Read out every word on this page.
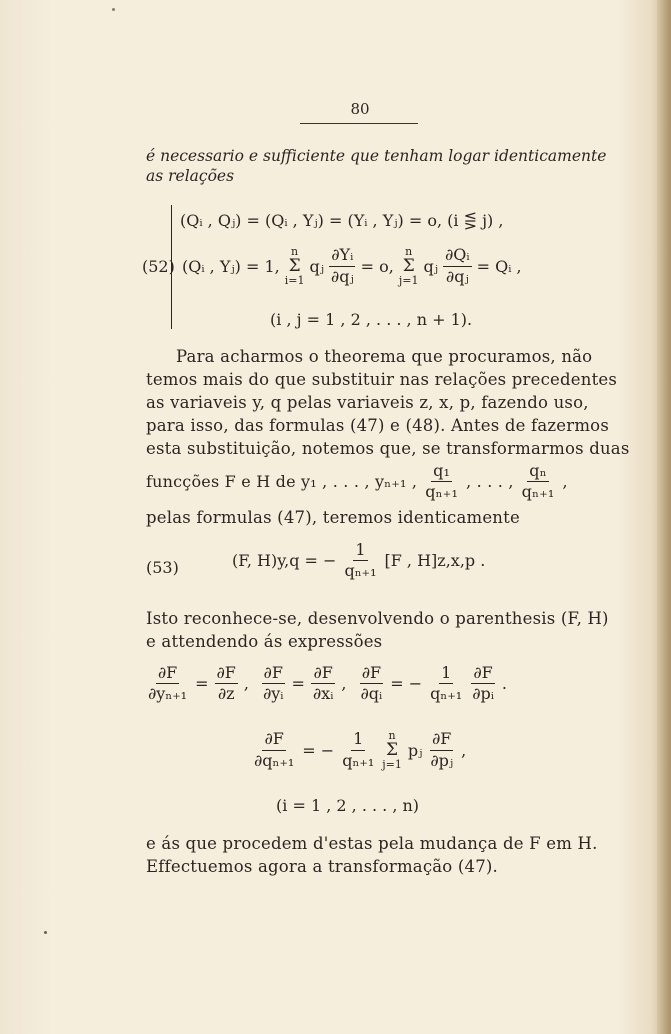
80
é necessario e sufficiente que tenham logar identicamente
as relações
(52)
(Qᵢ , Qⱼ) = (Qᵢ , Yⱼ) = (Yᵢ , Yⱼ) = o, (i ⋚ j) ,
(Qᵢ , Yⱼ) = 1,
n
Σ
i=1
qⱼ $\frac{\text{∂Yᵢ}}{\text{∂qⱼ}} = o$,
n
Σ
j=1
qⱼ $\frac{\text{∂Qᵢ}}{\text{∂qⱼ}}$ = Qᵢ ,
(i , j = 1 , 2 , . . . , n + 1).
Para acharmos o theorema que procuramos, não
temos mais do que substituir nas relações precedentes
as variaveis y, q pelas variaveis z, x, p, fazendo uso,
para isso, das formulas (47) e (48). Antes de fazermos
esta substituição, notemos que, se transformarmos duas
funcções F e H de y₁ , . . . , yₙ₊₁ , $\frac{\text{q₁}}{\text{qₙ₊₁}}$ , . . . , $\frac{\text{qₙ}}{\text{qₙ₊₁}}$ ,
pelas formulas (47), teremos identicamente
(53)	(F, H)y,q = − $\frac{1}{\text{qₙ₊₁}} [F$ , H]z,x,p .
Isto reconhece-se, desenvolvendo o parenthesis (F, H)
e attendendo ás expressões
$\frac{\partial F}{\text{∂yₙ₊₁}} = \frac{\partial F}{\partial z}$ , $\frac{\partial F}{\text{∂yᵢ}} = \frac{\partial F}{\text{∂xᵢ}}$ , $\frac{\partial F}{\text{∂qᵢ}}$ = − $\frac{1}{\text{qₙ₊₁}} \frac{\partial F}{\text{∂pᵢ}}$ .
$\frac{\partial F}{\text{∂qₙ₊₁}}$ = − $\frac{1}{\text{qₙ₊₁}}$ n
Σ
j=1
pⱼ $\frac{\partial F}{\text{∂pⱼ}}$ ,
(i = 1 , 2 , . . . , n)
e ás que procedem d'estas pela mudança de F em H.
Effectuemos agora a transformação (47).
